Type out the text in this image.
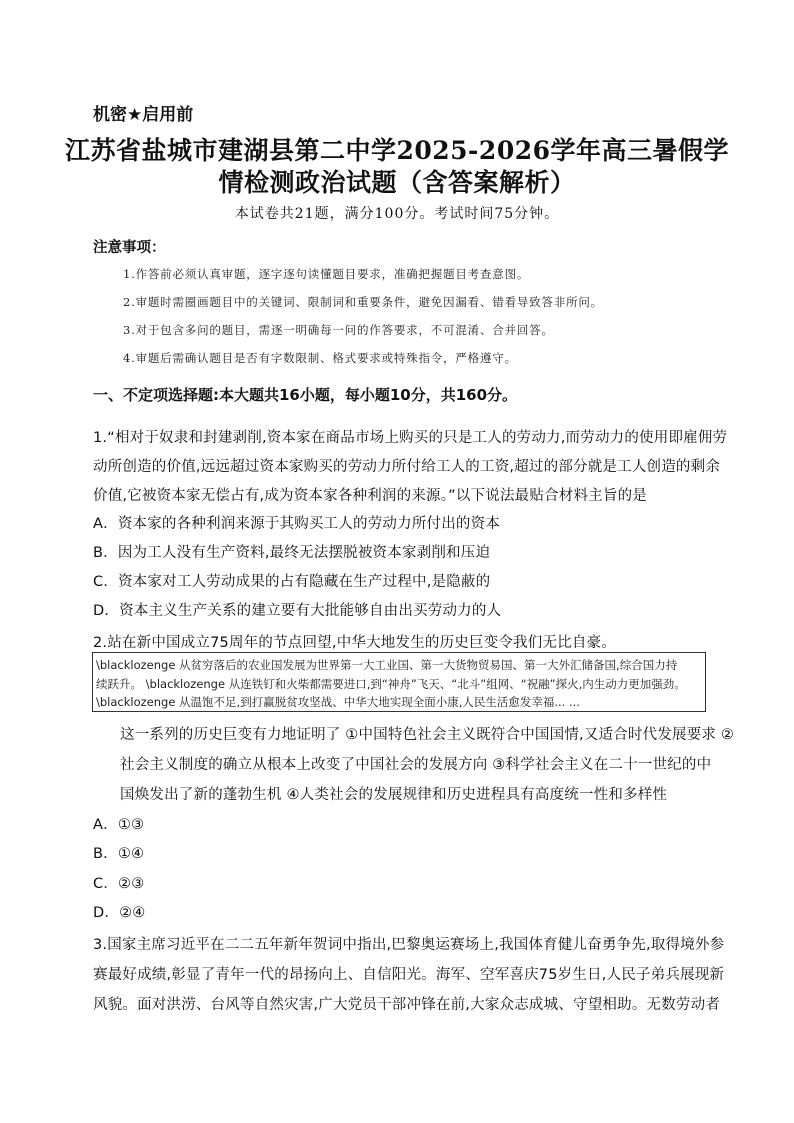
机密★启用前
江苏省盐城市建湖县第二中学2025-2026学年高三暑假学
情检测政治试题（含答案解析）
本试卷共21题，满分100分。考试时间75分钟。
注意事项：
1.作答前必须认真审题，逐字逐句读懂题目要求，准确把握题目考查意图。
2.审题时需圈画题目中的关键词、限制词和重要条件，避免因漏看、错看导致答非所问。
3.对于包含多问的题目，需逐一明确每一问的作答要求，不可混淆、合并回答。
4.审题后需确认题目是否有字数限制、格式要求或特殊指令，严格遵守。
一、不定项选择题:本大题共16小题，每小题10分，共160分。
1.“相对于奴隶和封建剥削,资本家在商品市场上购买的只是工人的劳动力,而劳动力的使用即雇佣劳
动所创造的价值,远远超过资本家购买的劳动力所付给工人的工资,超过的部分就是工人创造的剩余
价值,它被资本家无偿占有,成为资本家各种利润的来源。”以下说法最贴合材料主旨的是
A．资本家的各种利润来源于其购买工人的劳动力所付出的资本
B．因为工人没有生产资料,最终无法摆脱被资本家剥削和压迫
C．资本家对工人劳动成果的占有隐藏在生产过程中,是隐蔽的
D．资本主义生产关系的建立要有大批能够自由出买劳动力的人
2.站在新中国成立75周年的节点回望,中华大地发生的历史巨变令我们无比自豪。
\blacklozenge 从贫穷落后的农业国发展为世界第一大工业国、第一大货物贸易国、第一大外汇储备国,综合国力持
续跃升。 \blacklozenge 从连铁钉和火柴都需要进口,到“神舟”飞天、“北斗”组网、“祝融”探火,内生动力更加强劲。
\blacklozenge 从温饱不足,到打赢脱贫攻坚战、中华大地实现全面小康,人民生活愈发幸福... ...
这一系列的历史巨变有力地证明了 ①中国特色社会主义既符合中国国情,又适合时代发展要求 ②
社会主义制度的确立从根本上改变了中国社会的发展方向 ③科学社会主义在二十一世纪的中
国焕发出了新的蓬勃生机 ④人类社会的发展规律和历史进程具有高度统一性和多样性
A．①③
B．①④
C．②③
D．②④
3.国家主席习近平在二二五年新年贺词中指出,巴黎奥运赛场上,我国体育健儿奋勇争先,取得境外参
赛最好成绩,彰显了青年一代的昂扬向上、自信阳光。海军、空军喜庆75岁生日,人民子弟兵展现新
风貌。面对洪涝、台风等自然灾害,广大党员干部冲锋在前,大家众志成城、守望相助。无数劳动者
